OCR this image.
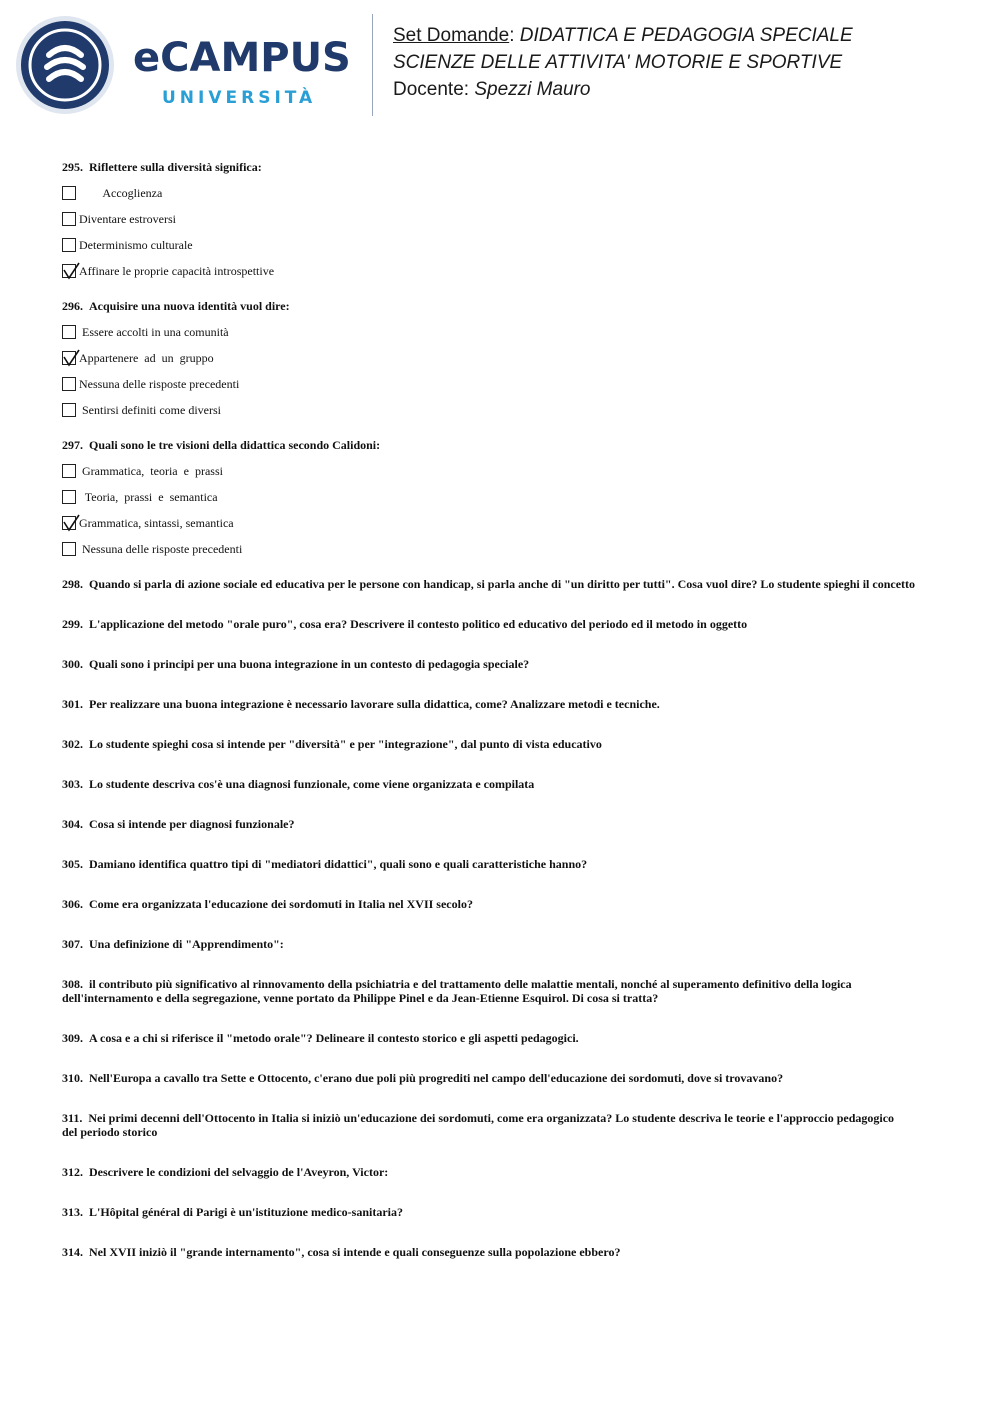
eCAMPUS
UNIVERSITÀ
Set Domande: DIDATTICA E PEDAGOGIA SPECIALE
SCIENZE DELLE ATTIVITA' MOTORIE E SPORTIVE
Docente: Spezzi Mauro

295. Riflettere sulla diversità significa:

Accoglienza
Diventare estroversi
Determinismo culturale
Affinare le proprie capacità introspettive

296. Acquisire una nuova identità vuol dire:

Essere accolti in una comunità
Appartenere  ad  un  gruppo
Nessuna delle risposte precedenti
Sentirsi definiti come diversi

297. Quali sono le tre visioni della didattica secondo Calidoni:

Grammatica,  teoria  e  prassi
Teoria,  prassi  e  semantica
Grammatica, sintassi, semantica
Nessuna delle risposte precedenti

298. Quando si parla di azione sociale ed educativa per le persone con handicap, si parla anche di "un diritto per tutti". Cosa vuol dire? Lo studente spieghi il concetto

299. L'applicazione del metodo "orale puro", cosa era? Descrivere il contesto politico ed educativo del periodo ed il metodo in oggetto

300. Quali sono i principi per una buona integrazione in un contesto di pedagogia speciale?

301. Per realizzare una buona integrazione è necessario lavorare sulla didattica, come? Analizzare metodi e tecniche.

302. Lo studente spieghi cosa si intende per "diversità" e per "integrazione", dal punto di vista educativo

303. Lo studente descriva cos'è una diagnosi funzionale, come viene organizzata e compilata

304. Cosa si intende per diagnosi funzionale?

305. Damiano identifica quattro tipi di "mediatori didattici", quali sono e quali caratteristiche hanno?

306. Come era organizzata l'educazione dei sordomuti in Italia nel XVII secolo?

307. Una definizione di "Apprendimento":

308. il contributo più significativo al rinnovamento della psichiatria e del trattamento delle malattie mentali, nonché al superamento definitivo della logica dell'internamento e della segregazione, venne portato da Philippe Pinel e da Jean-Etienne Esquirol. Di cosa si tratta?

309. A cosa e a chi si riferisce il "metodo orale"? Delineare il contesto storico e gli aspetti pedagogici.

310. Nell'Europa a cavallo tra Sette e Ottocento, c'erano due poli più progrediti nel campo dell'educazione dei sordomuti, dove si trovavano?

311. Nei primi decenni dell'Ottocento in Italia si iniziò un'educazione dei sordomuti, come era organizzata? Lo studente descriva le teorie e l'approccio pedagogico
del periodo storico

312. Descrivere le condizioni del selvaggio de l'Aveyron, Victor:

313. L'Hôpital général di Parigi è un'istituzione medico-sanitaria?

314. Nel XVII iniziò il "grande internamento", cosa si intende e quali conseguenze sulla popolazione ebbero?
